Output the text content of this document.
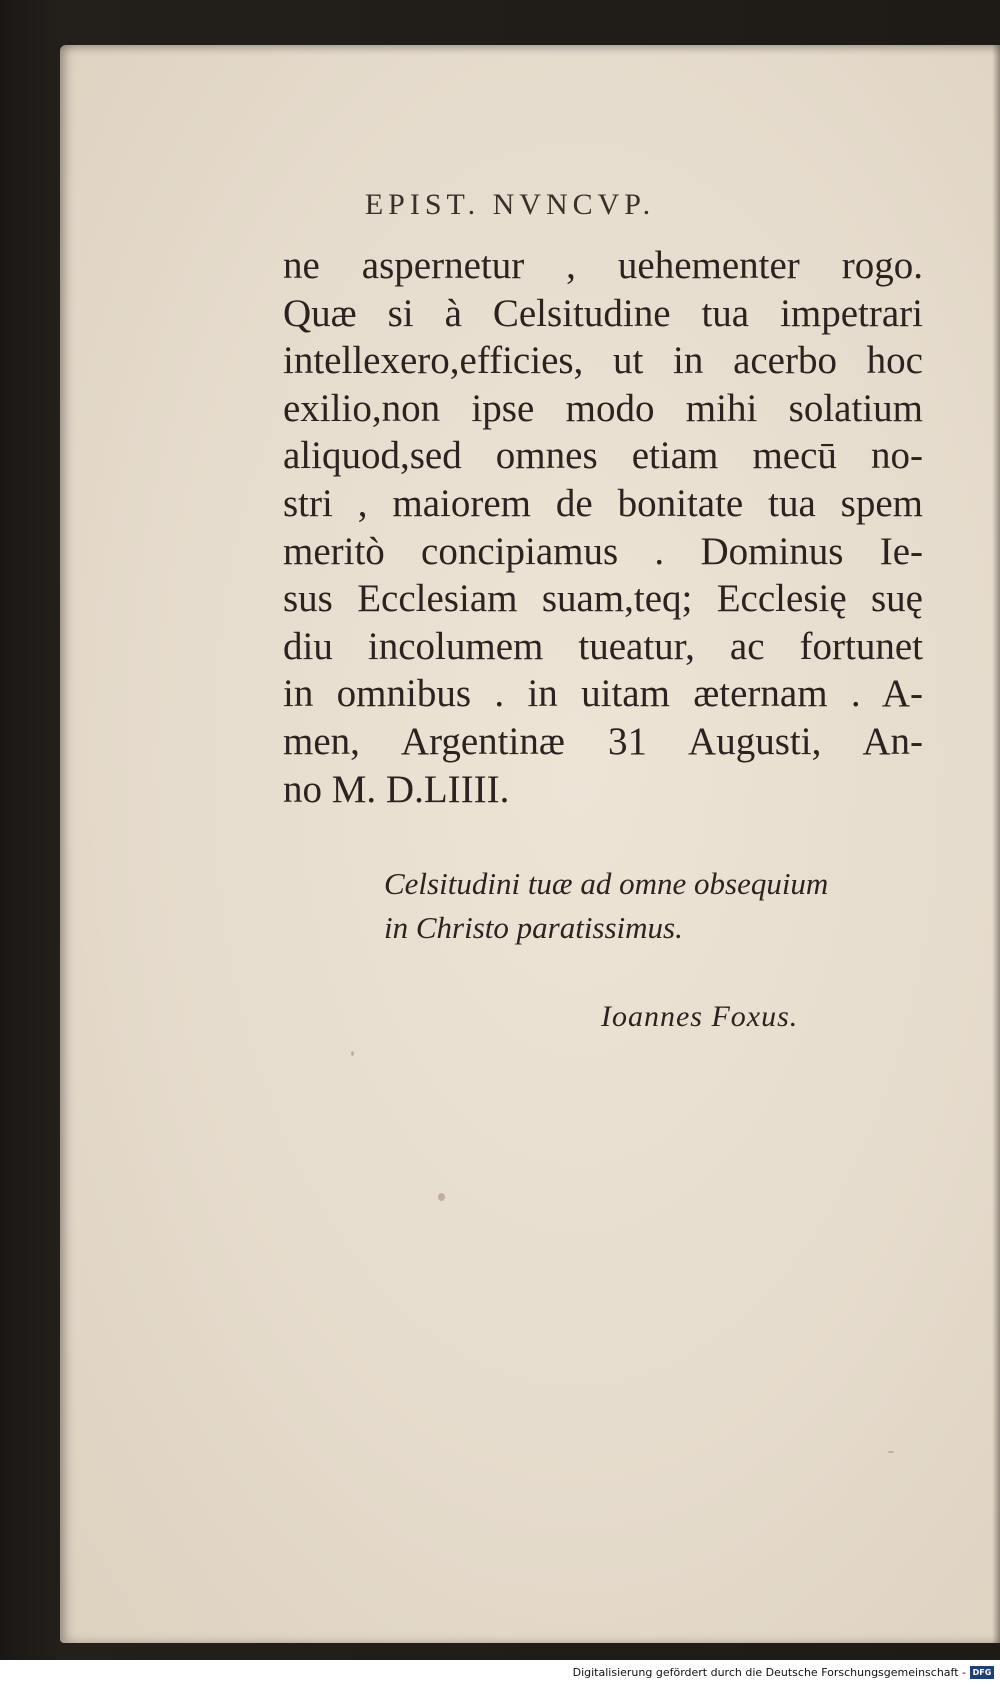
EPIST. NVNCVP.
ne aspernetur , uehementer rogo.
Quæ si à Celsitudine tua impetrari
intellexero,efficies, ut in acerbo hoc
exilio,non ipse modo mihi solatium
aliquod,sed omnes etiam mecū no-
stri , maiorem de bonitate tua spem
meritò concipiamus . Dominus Ie-
sus Ecclesiam suam,teq; Ecclesię suę
diu incolumem tueatur, ac fortunet
in omnibus . in uitam æternam . A-
men, Argentinæ 31 Augusti, An-
no M. D.LIIII.
Celsitudini tuæ ad omne obsequium
in Christo paratissimus.
Ioannes Foxus.
Digitalisierung gefördert durch die Deutsche Forschungsgemeinschaft - DFG
